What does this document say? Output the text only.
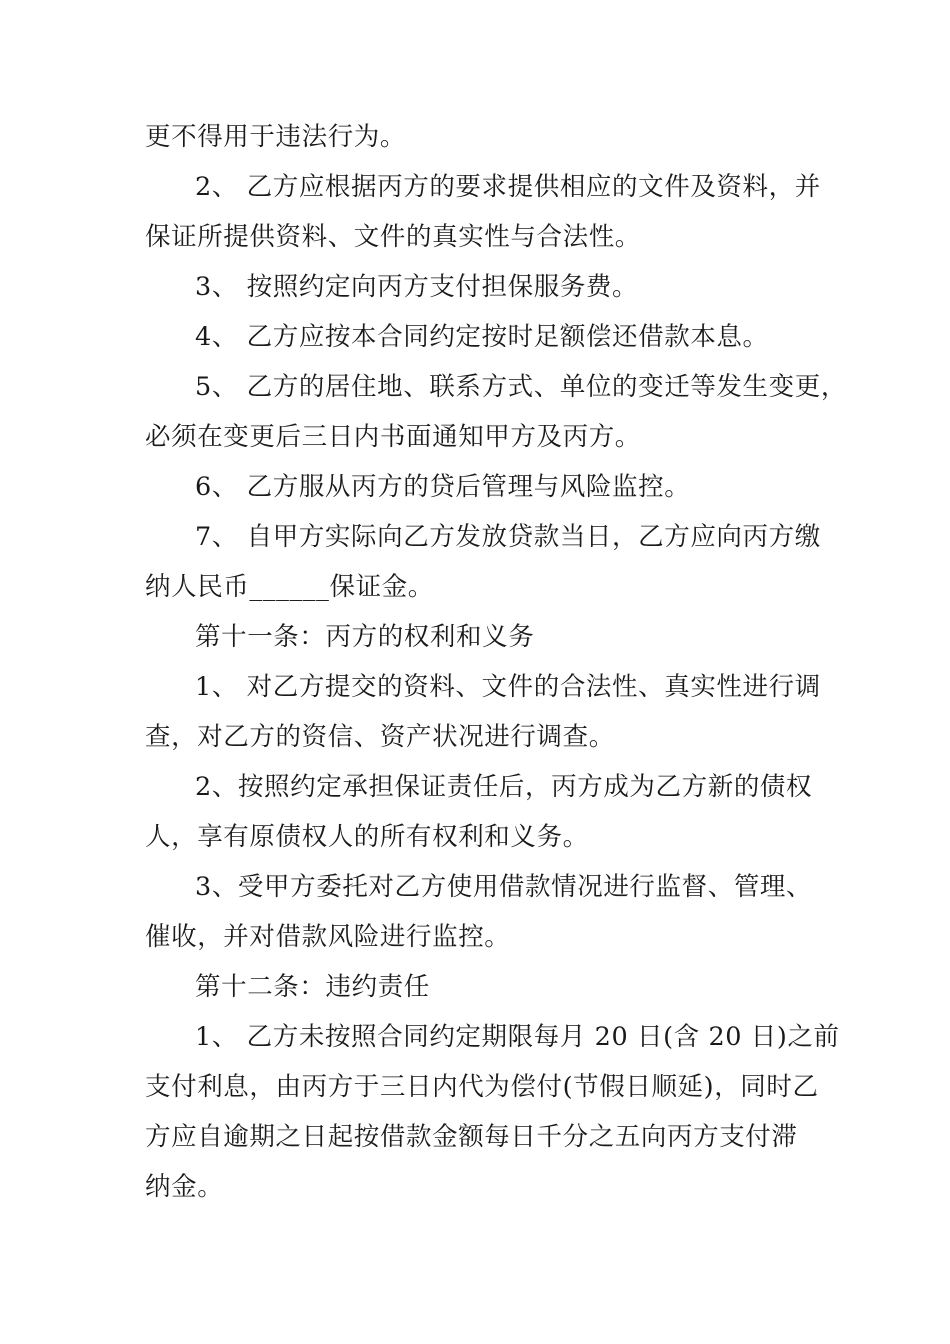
更不得用于违法行为。
2、 乙方应根据丙方的要求提供相应的文件及资料，并
保证所提供资料、文件的真实性与合法性。
3、 按照约定向丙方支付担保服务费。
4、 乙方应按本合同约定按时足额偿还借款本息。
5、 乙方的居住地、联系方式、单位的变迁等发生变更，
必须在变更后三日内书面通知甲方及丙方。
6、 乙方服从丙方的贷后管理与风险监控。
7、 自甲方实际向乙方发放贷款当日，乙方应向丙方缴
纳人民币______保证金。
第十一条：丙方的权利和义务
1、 对乙方提交的资料、文件的合法性、真实性进行调
查，对乙方的资信、资产状况进行调查。
2、按照约定承担保证责任后，丙方成为乙方新的债权
人，享有原债权人的所有权利和义务。
3、受甲方委托对乙方使用借款情况进行监督、管理、
催收，并对借款风险进行监控。
第十二条：违约责任
1、 乙方未按照合同约定期限每月 20 日(含 20 日)之前
支付利息，由丙方于三日内代为偿付(节假日顺延)，同时乙
方应自逾期之日起按借款金额每日千分之五向丙方支付滞
纳金。
